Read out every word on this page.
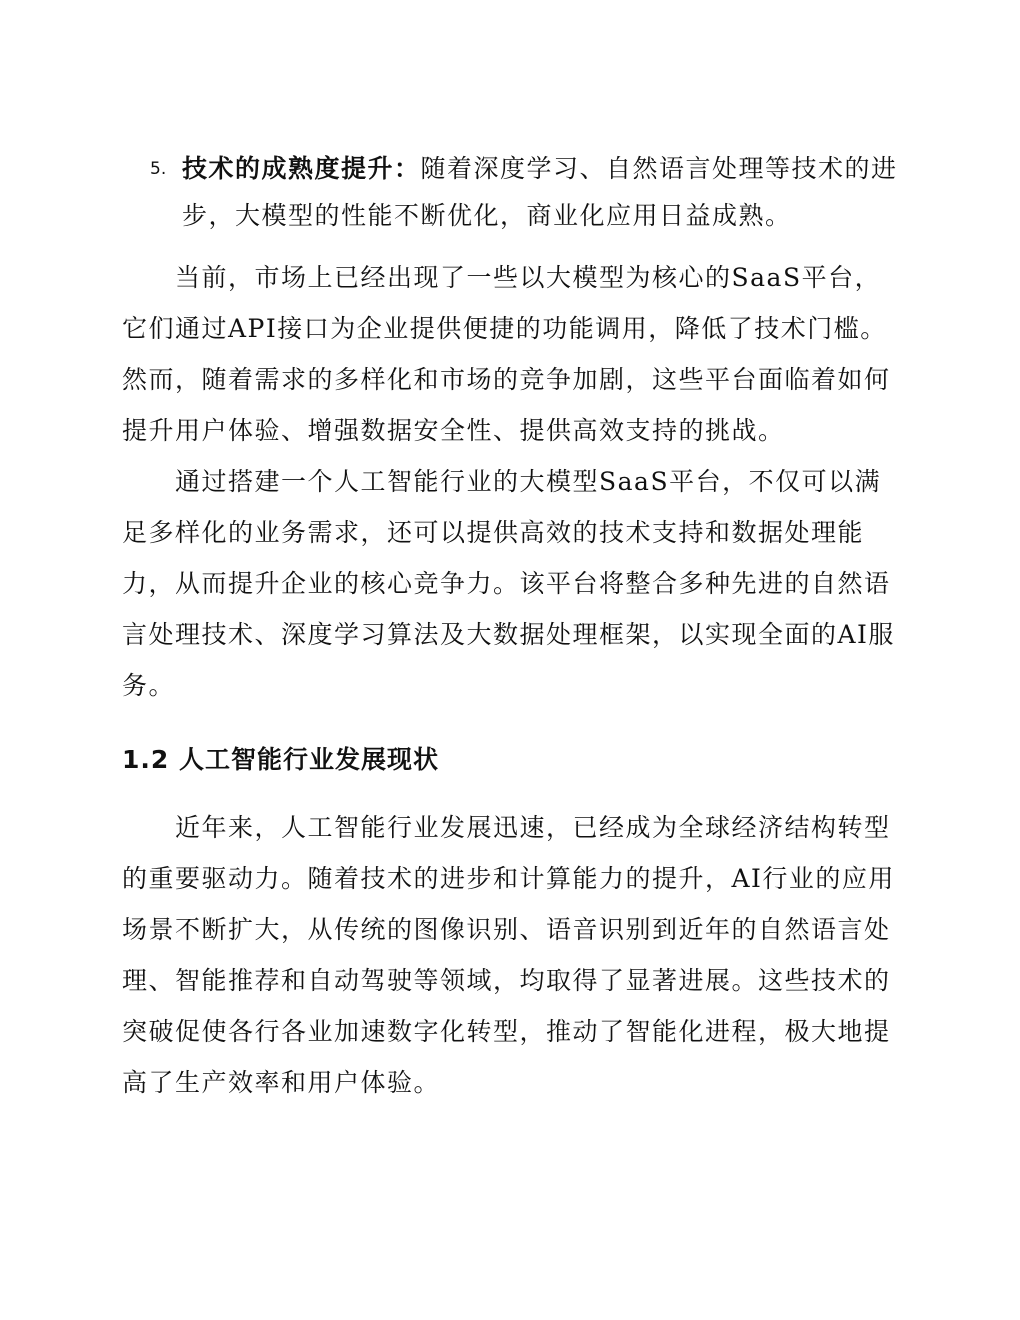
5. 技术的成熟度提升：随着深度学习、自然语言处理等技术的进步，大模型的性能不断优化，商业化应用日益成熟。

当前，市场上已经出现了一些以大模型为核心的SaaS平台，它们通过API接口为企业提供便捷的功能调用，降低了技术门槛。然而，随着需求的多样化和市场的竞争加剧，这些平台面临着如何提升用户体验、增强数据安全性、提供高效支持的挑战。

通过搭建一个人工智能行业的大模型SaaS平台，不仅可以满足多样化的业务需求，还可以提供高效的技术支持和数据处理能力，从而提升企业的核心竞争力。该平台将整合多种先进的自然语言处理技术、深度学习算法及大数据处理框架，以实现全面的AI服务。

1.2 人工智能行业发展现状

近年来，人工智能行业发展迅速，已经成为全球经济结构转型的重要驱动力。随着技术的进步和计算能力的提升，AI行业的应用场景不断扩大，从传统的图像识别、语音识别到近年的自然语言处理、智能推荐和自动驾驶等领域，均取得了显著进展。这些技术的突破促使各行各业加速数字化转型，推动了智能化进程，极大地提高了生产效率和用户体验。
